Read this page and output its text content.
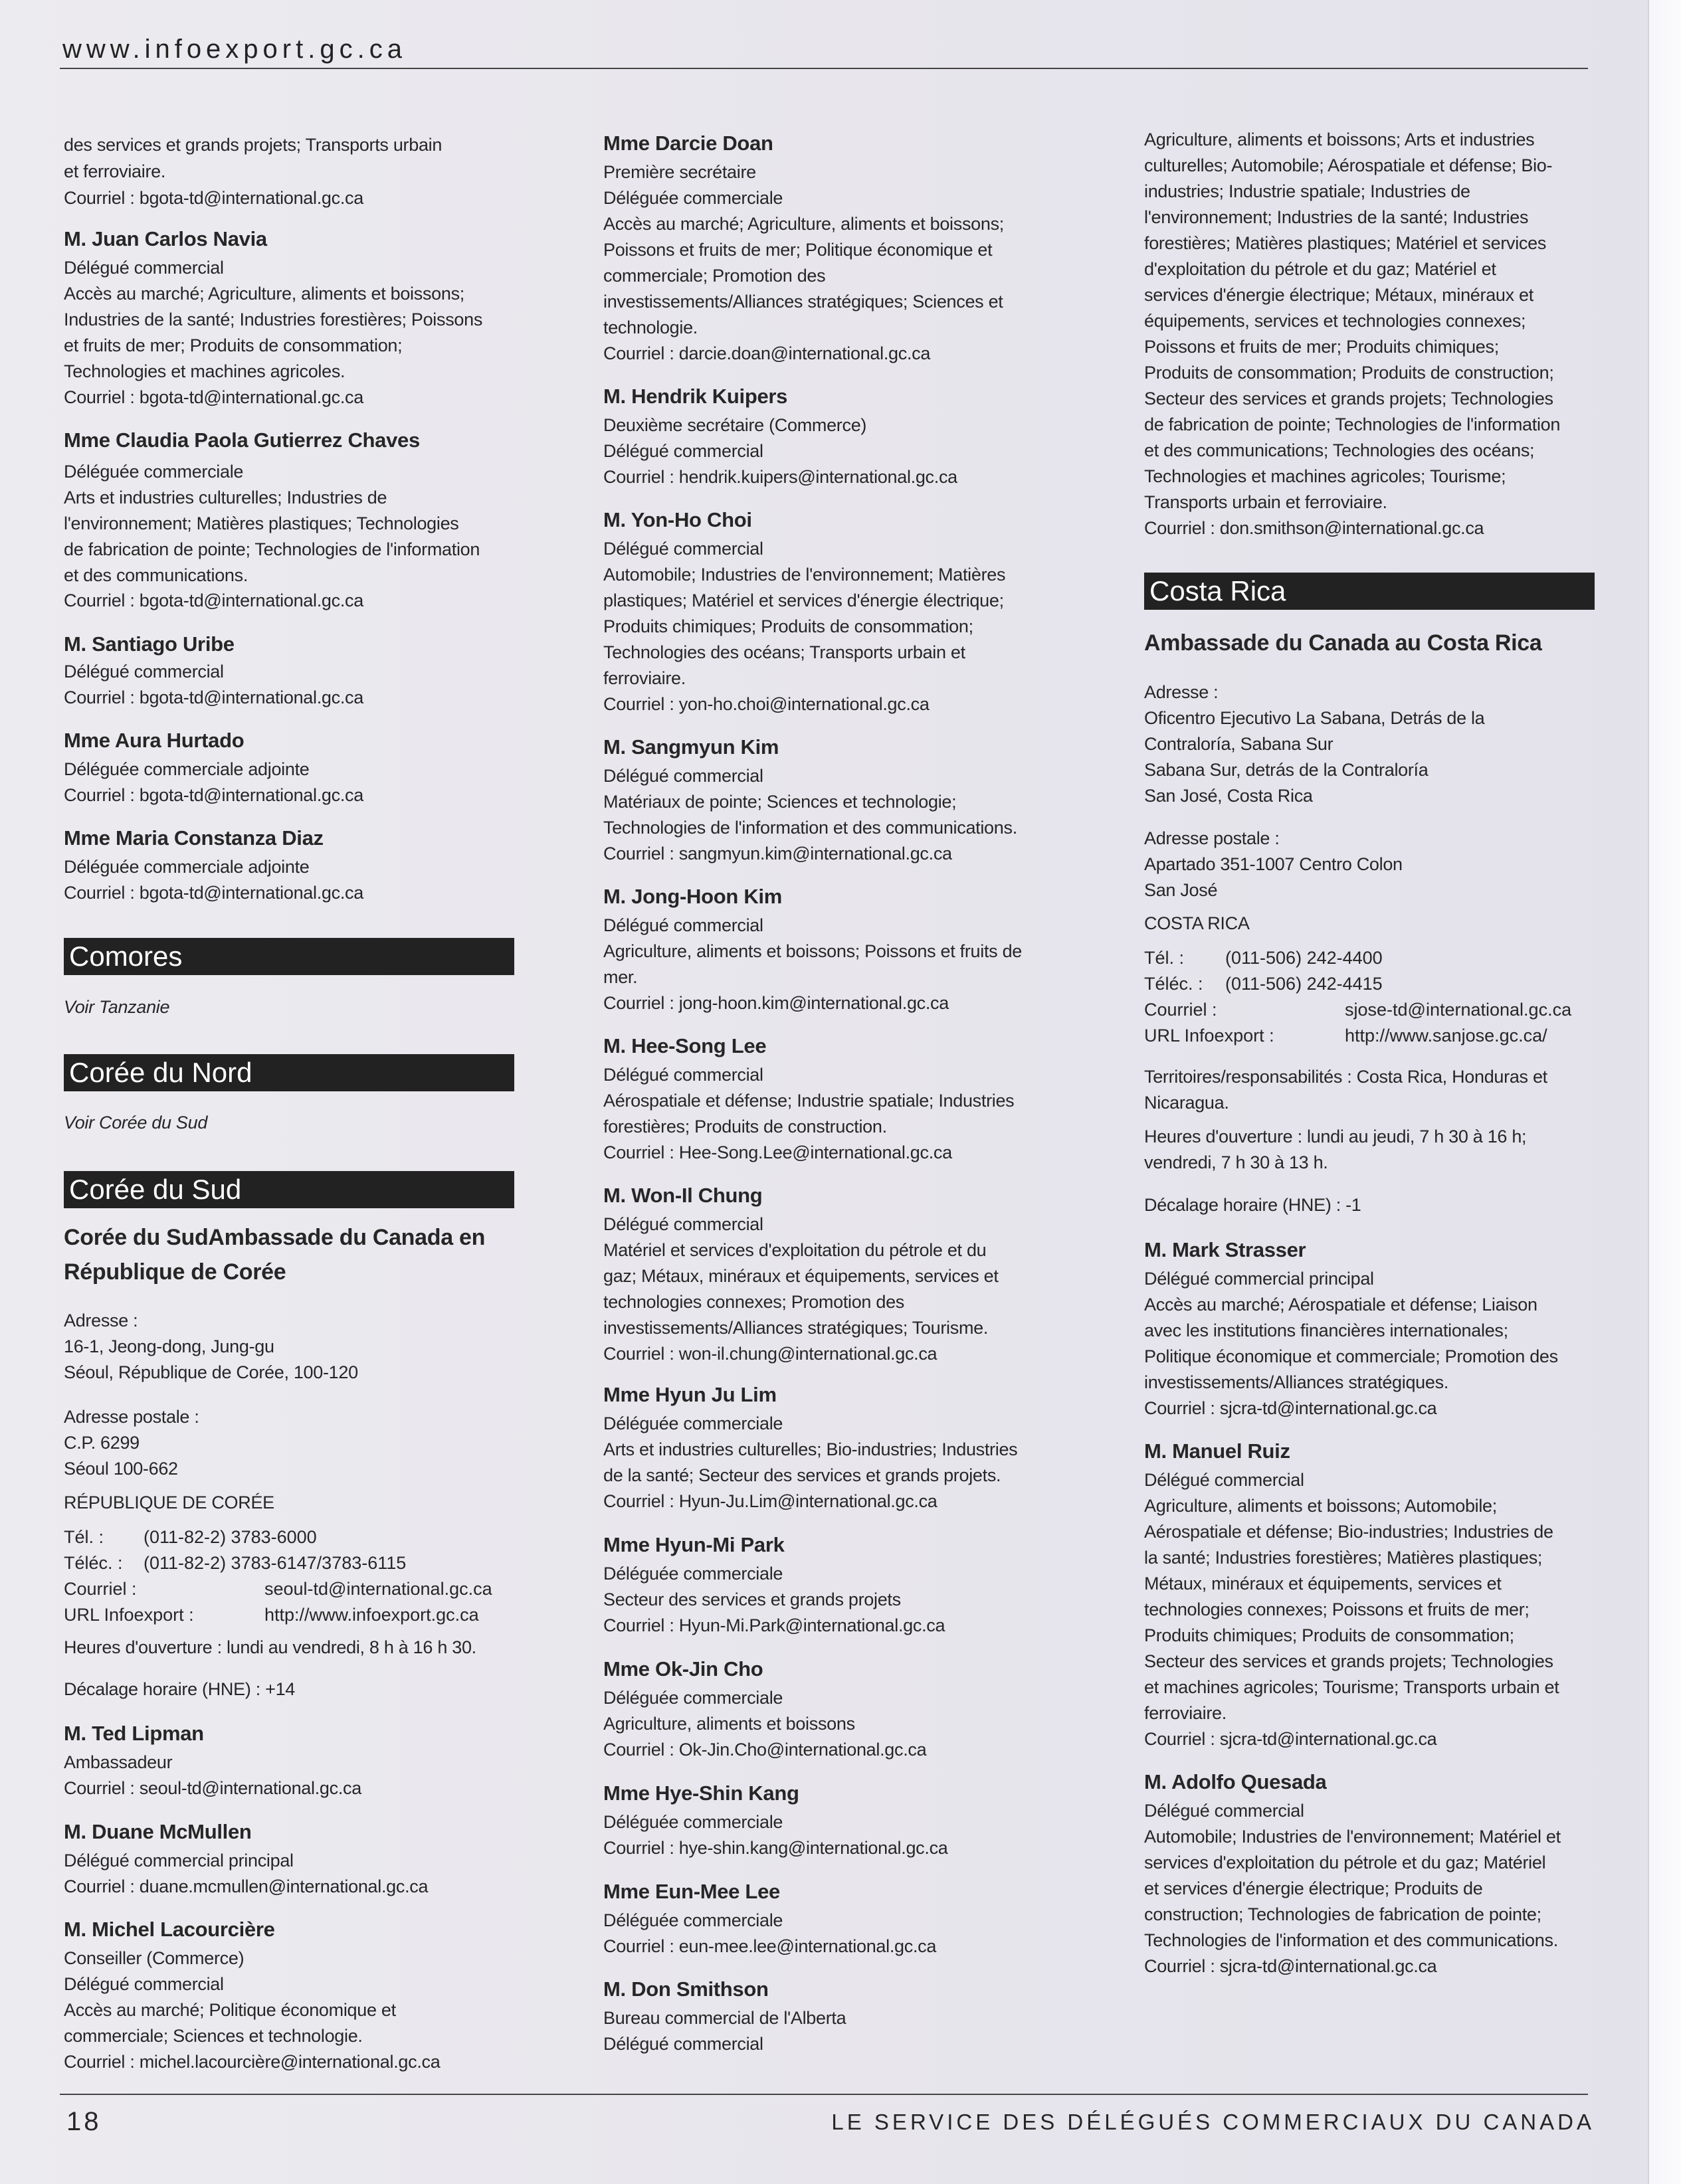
www.infoexport.gc.ca
des services et grands projets; Transports urbain
et ferroviaire.
Courriel : bgota-td@international.gc.ca
M. Juan Carlos Navia
Délégué commercial
Accès au marché; Agriculture, aliments et boissons;
Industries de la santé; Industries forestières; Poissons
et fruits de mer; Produits de consommation;
Technologies et machines agricoles.
Courriel : bgota-td@international.gc.ca
Mme Claudia Paola Gutierrez Chaves
Déléguée commerciale
Arts et industries culturelles; Industries de
l'environnement; Matières plastiques; Technologies
de fabrication de pointe; Technologies de l'information
et des communications.
Courriel : bgota-td@international.gc.ca
M. Santiago Uribe
Délégué commercial
Courriel : bgota-td@international.gc.ca
Mme Aura Hurtado
Déléguée commerciale adjointe
Courriel : bgota-td@international.gc.ca
Mme Maria Constanza Diaz
Déléguée commerciale adjointe
Courriel : bgota-td@international.gc.ca
Comores
Voir Tanzanie
Corée du Nord
Voir Corée du Sud
Corée du Sud
Corée du SudAmbassade du Canada en
République de Corée
Adresse :
16-1, Jeong-dong, Jung-gu
Séoul, République de Corée, 100-120
Adresse postale :
C.P. 6299
Séoul 100-662
RÉPUBLIQUE DE CORÉE
Tél. : (011-82-2) 3783-6000
Téléc. : (011-82-2) 3783-6147/3783-6115
Courriel :	seoul-td@international.gc.ca
URL Infoexport :	http://www.infoexport.gc.ca
Heures d'ouverture : lundi au vendredi, 8 h à 16 h 30.
Décalage horaire (HNE) : +14
M. Ted Lipman
Ambassadeur
Courriel : seoul-td@international.gc.ca
M. Duane McMullen
Délégué commercial principal
Courriel : duane.mcmullen@international.gc.ca
M. Michel Lacourcière
Conseiller (Commerce)
Délégué commercial
Accès au marché; Politique économique et
commerciale; Sciences et technologie.
Courriel : michel.lacourcière@international.gc.ca
Mme Darcie Doan
Première secrétaire
Déléguée commerciale
Accès au marché; Agriculture, aliments et boissons;
Poissons et fruits de mer; Politique économique et
commerciale; Promotion des
investissements/Alliances stratégiques; Sciences et
technologie.
Courriel : darcie.doan@international.gc.ca
M. Hendrik Kuipers
Deuxième secrétaire (Commerce)
Délégué commercial
Courriel : hendrik.kuipers@international.gc.ca
M. Yon-Ho Choi
Délégué commercial
Automobile; Industries de l'environnement; Matières
plastiques; Matériel et services d'énergie électrique;
Produits chimiques; Produits de consommation;
Technologies des océans; Transports urbain et
ferroviaire.
Courriel : yon-ho.choi@international.gc.ca
M. Sangmyun Kim
Délégué commercial
Matériaux de pointe; Sciences et technologie;
Technologies de l'information et des communications.
Courriel : sangmyun.kim@international.gc.ca
M. Jong-Hoon Kim
Délégué commercial
Agriculture, aliments et boissons; Poissons et fruits de
mer.
Courriel : jong-hoon.kim@international.gc.ca
M. Hee-Song Lee
Délégué commercial
Aérospatiale et défense; Industrie spatiale; Industries
forestières; Produits de construction.
Courriel : Hee-Song.Lee@international.gc.ca
M. Won-Il Chung
Délégué commercial
Matériel et services d'exploitation du pétrole et du
gaz; Métaux, minéraux et équipements, services et
technologies connexes; Promotion des
investissements/Alliances stratégiques; Tourisme.
Courriel : won-il.chung@international.gc.ca
Mme Hyun Ju Lim
Déléguée commerciale
Arts et industries culturelles; Bio-industries; Industries
de la santé; Secteur des services et grands projets.
Courriel : Hyun-Ju.Lim@international.gc.ca
Mme Hyun-Mi Park
Déléguée commerciale
Secteur des services et grands projets
Courriel : Hyun-Mi.Park@international.gc.ca
Mme Ok-Jin Cho
Déléguée commerciale
Agriculture, aliments et boissons
Courriel : Ok-Jin.Cho@international.gc.ca
Mme Hye-Shin Kang
Déléguée commerciale
Courriel : hye-shin.kang@international.gc.ca
Mme Eun-Mee Lee
Déléguée commerciale
Courriel : eun-mee.lee@international.gc.ca
M. Don Smithson
Bureau commercial de l'Alberta
Délégué commercial
Agriculture, aliments et boissons; Arts et industries
culturelles; Automobile; Aérospatiale et défense; Bio-
industries; Industrie spatiale; Industries de
l'environnement; Industries de la santé; Industries
forestières; Matières plastiques; Matériel et services
d'exploitation du pétrole et du gaz; Matériel et
services d'énergie électrique; Métaux, minéraux et
équipements, services et technologies connexes;
Poissons et fruits de mer; Produits chimiques;
Produits de consommation; Produits de construction;
Secteur des services et grands projets; Technologies
de fabrication de pointe; Technologies de l'information
et des communications; Technologies des océans;
Technologies et machines agricoles; Tourisme;
Transports urbain et ferroviaire.
Courriel : don.smithson@international.gc.ca
Costa Rica
Ambassade du Canada au Costa Rica
Adresse :
Oficentro Ejecutivo La Sabana, Detrás de la
Contraloría, Sabana Sur
Sabana Sur, detrás de la Contraloría
San José, Costa Rica
Adresse postale :
Apartado 351-1007 Centro Colon
San José
COSTA RICA
Tél. : (011-506) 242-4400
Téléc. : (011-506) 242-4415
Courriel :	sjose-td@international.gc.ca
URL Infoexport :	http://www.sanjose.gc.ca/
Territoires/responsabilités : Costa Rica, Honduras et
Nicaragua.
Heures d'ouverture : lundi au jeudi, 7 h 30 à 16 h;
vendredi, 7 h 30 à 13 h.
Décalage horaire (HNE) : -1
M. Mark Strasser
Délégué commercial principal
Accès au marché; Aérospatiale et défense; Liaison
avec les institutions financières internationales;
Politique économique et commerciale; Promotion des
investissements/Alliances stratégiques.
Courriel : sjcra-td@international.gc.ca
M. Manuel Ruiz
Délégué commercial
Agriculture, aliments et boissons; Automobile;
Aérospatiale et défense; Bio-industries; Industries de
la santé; Industries forestières; Matières plastiques;
Métaux, minéraux et équipements, services et
technologies connexes; Poissons et fruits de mer;
Produits chimiques; Produits de consommation;
Secteur des services et grands projets; Technologies
et machines agricoles; Tourisme; Transports urbain et
ferroviaire.
Courriel : sjcra-td@international.gc.ca
M. Adolfo Quesada
Délégué commercial
Automobile; Industries de l'environnement; Matériel et
services d'exploitation du pétrole et du gaz; Matériel
et services d'énergie électrique; Produits de
construction; Technologies de fabrication de pointe;
Technologies de l'information et des communications.
Courriel : sjcra-td@international.gc.ca
18	LE SERVICE DES DÉLÉGUÉS COMMERCIAUX DU CANADA
